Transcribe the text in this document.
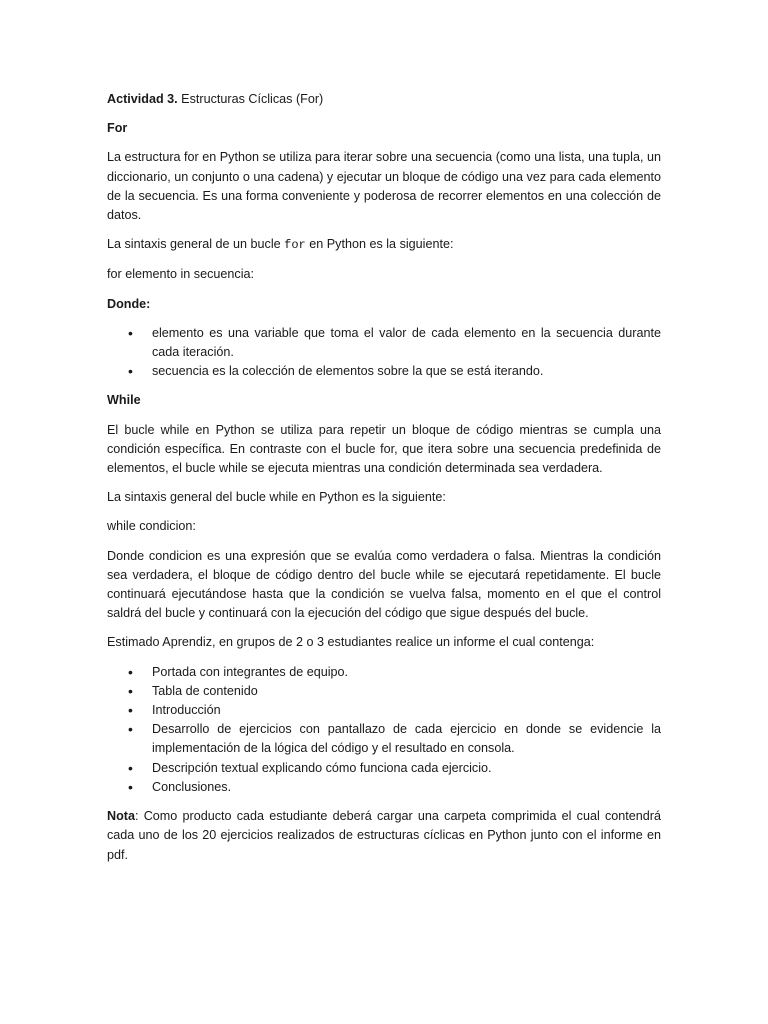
Actividad 3. Estructuras Cíclicas (For)

For

La estructura for en Python se utiliza para iterar sobre una secuencia (como una lista, una tupla, un diccionario, un conjunto o una cadena) y ejecutar un bloque de código una vez para cada elemento de la secuencia. Es una forma conveniente y poderosa de recorrer elementos en una colección de datos.

La sintaxis general de un bucle for en Python es la siguiente:

for elemento in secuencia:

Donde:

• elemento es una variable que toma el valor de cada elemento en la secuencia durante cada iteración.
• secuencia es la colección de elementos sobre la que se está iterando.

While

El bucle while en Python se utiliza para repetir un bloque de código mientras se cumpla una condición específica. En contraste con el bucle for, que itera sobre una secuencia predefinida de elementos, el bucle while se ejecuta mientras una condición determinada sea verdadera.

La sintaxis general del bucle while en Python es la siguiente:

while condicion:

Donde condicion es una expresión que se evalúa como verdadera o falsa. Mientras la condición sea verdadera, el bloque de código dentro del bucle while se ejecutará repetidamente. El bucle continuará ejecutándose hasta que la condición se vuelva falsa, momento en el que el control saldrá del bucle y continuará con la ejecución del código que sigue después del bucle.

Estimado Aprendiz, en grupos de 2 o 3 estudiantes realice un informe el cual contenga:

• Portada con integrantes de equipo.
• Tabla de contenido
• Introducción
• Desarrollo de ejercicios con pantallazo de cada ejercicio en donde se evidencie la implementación de la lógica del código y el resultado en consola.
• Descripción textual explicando cómo funciona cada ejercicio.
• Conclusiones.

Nota: Como producto cada estudiante deberá cargar una carpeta comprimida el cual contendrá cada uno de los 20 ejercicios realizados de estructuras cíclicas en Python junto con el informe en pdf.
